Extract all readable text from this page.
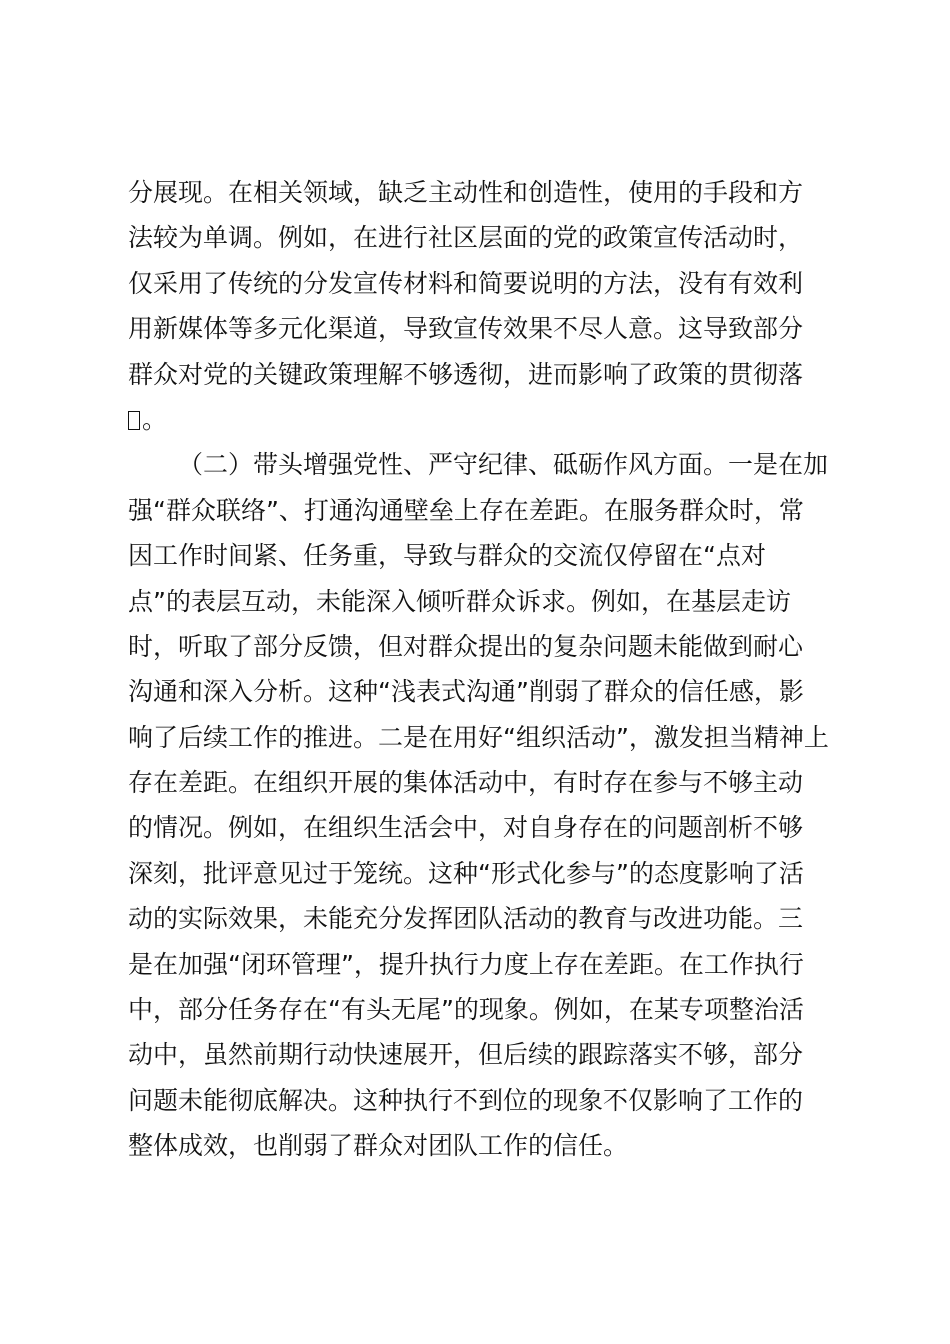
分展现。在相关领域，缺乏主动性和创造性，使用的手段和方
法较为单调。例如，在进行社区层面的党的政策宣传活动时，
仅采用了传统的分发宣传材料和简要说明的方法，没有有效利
用新媒体等多元化渠道，导致宣传效果不尽人意。这导致部分
群众对党的关键政策理解不够透彻，进而影响了政策的贯彻落
。
（二）带头增强党性、严守纪律、砥砺作风方面。一是在加
强“群众联络”、打通沟通壁垒上存在差距。在服务群众时，常
因工作时间紧、任务重，导致与群众的交流仅停留在“点对
点”的表层互动，未能深入倾听群众诉求。例如，在基层走访
时，听取了部分反馈，但对群众提出的复杂问题未能做到耐心
沟通和深入分析。这种“浅表式沟通”削弱了群众的信任感，影
响了后续工作的推进。二是在用好“组织活动”，激发担当精神上
存在差距。在组织开展的集体活动中，有时存在参与不够主动
的情况。例如，在组织生活会中，对自身存在的问题剖析不够
深刻，批评意见过于笼统。这种“形式化参与”的态度影响了活
动的实际效果，未能充分发挥团队活动的教育与改进功能。三
是在加强“闭环管理”，提升执行力度上存在差距。在工作执行
中，部分任务存在“有头无尾”的现象。例如，在某专项整治活
动中，虽然前期行动快速展开，但后续的跟踪落实不够，部分
问题未能彻底解决。这种执行不到位的现象不仅影响了工作的
整体成效，也削弱了群众对团队工作的信任。
